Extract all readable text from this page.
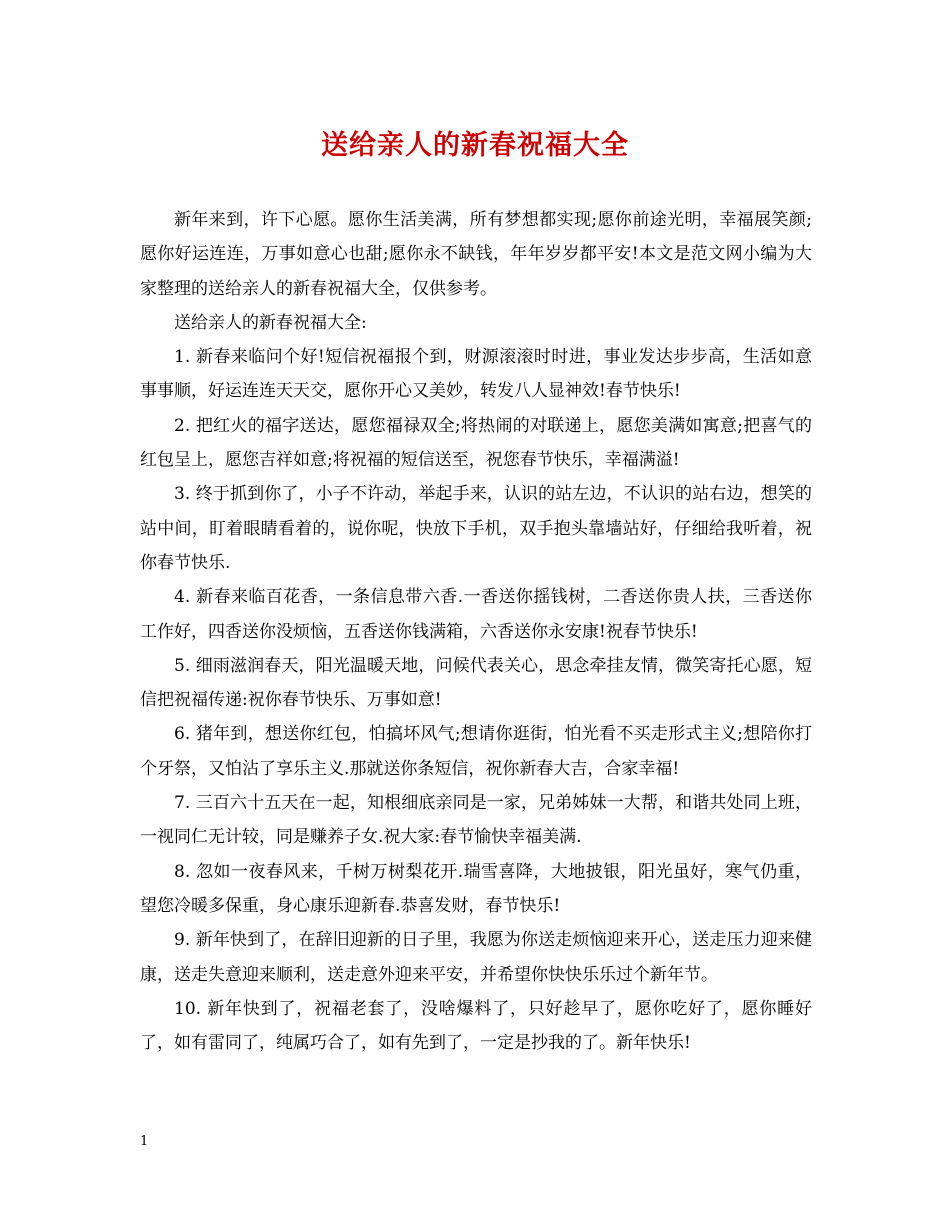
送给亲人的新春祝福大全

新年来到，许下心愿。愿你生活美满，所有梦想都实现;愿你前途光明，幸福展笑颜;愿你好运连连，万事如意心也甜;愿你永不缺钱，年年岁岁都平安!本文是范文网小编为大家整理的送给亲人的新春祝福大全，仅供参考。

送给亲人的新春祝福大全:

1. 新春来临问个好!短信祝福报个到，财源滚滚时时进，事业发达步步高，生活如意事事顺，好运连连天天交，愿你开心又美妙，转发八人显神效!春节快乐!

2. 把红火的福字送达，愿您福禄双全;将热闹的对联递上，愿您美满如寓意;把喜气的红包呈上，愿您吉祥如意;将祝福的短信送至，祝您春节快乐，幸福满溢!

3. 终于抓到你了，小子不许动，举起手来，认识的站左边，不认识的站右边，想笑的站中间，盯着眼睛看着的，说你呢，快放下手机，双手抱头靠墙站好，仔细给我听着，祝你春节快乐.

4. 新春来临百花香，一条信息带六香.一香送你摇钱树，二香送你贵人扶，三香送你工作好，四香送你没烦恼，五香送你钱满箱，六香送你永安康!祝春节快乐!

5. 细雨滋润春天，阳光温暖天地，问候代表关心，思念牵挂友情，微笑寄托心愿，短信把祝福传递:祝你春节快乐、万事如意!

6. 猪年到，想送你红包，怕搞坏风气;想请你逛街，怕光看不买走形式主义;想陪你打个牙祭，又怕沾了享乐主义.那就送你条短信，祝你新春大吉，合家幸福!

7. 三百六十五天在一起，知根细底亲同是一家，兄弟姊妹一大帮，和谐共处同上班，一视同仁无计较，同是赚养子女.祝大家:春节愉快幸福美满.

8. 忽如一夜春风来，千树万树梨花开.瑞雪喜降，大地披银，阳光虽好，寒气仍重，望您冷暖多保重，身心康乐迎新春.恭喜发财，春节快乐!

9. 新年快到了，在辞旧迎新的日子里，我愿为你送走烦恼迎来开心，送走压力迎来健康，送走失意迎来顺利，送走意外迎来平安，并希望你快快乐乐过个新年节。

10. 新年快到了，祝福老套了，没啥爆料了，只好趁早了，愿你吃好了，愿你睡好了，如有雷同了，纯属巧合了，如有先到了，一定是抄我的了。新年快乐!

1
